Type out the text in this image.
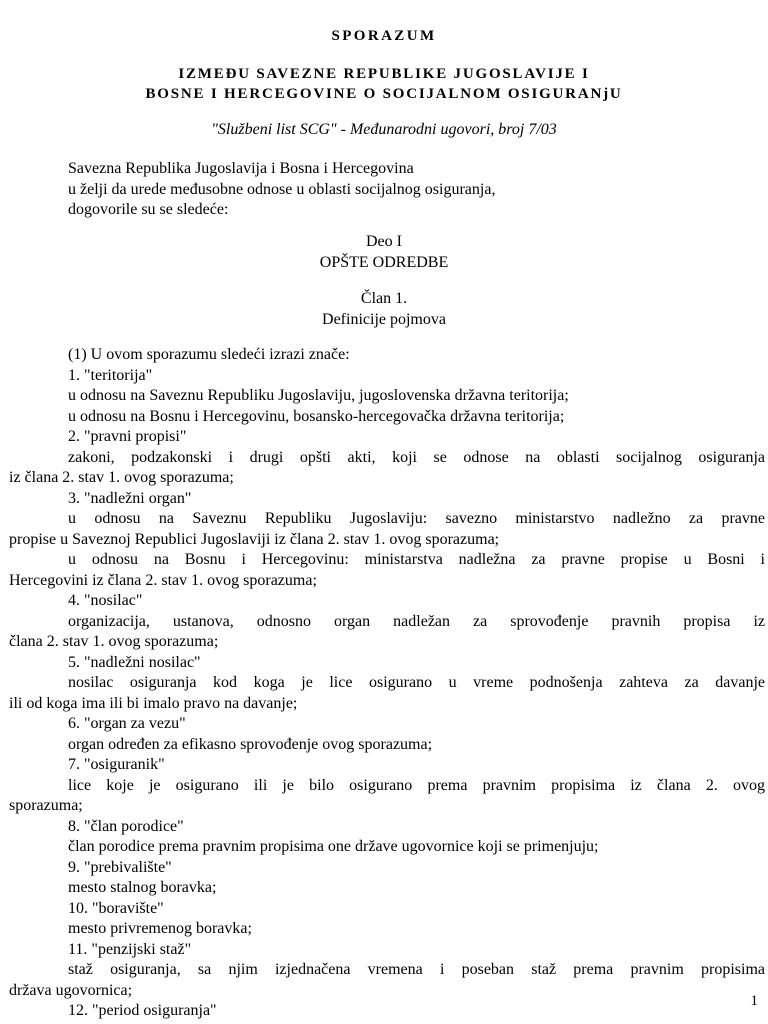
SPORAZUM
IZMEĐU SAVEZNE REPUBLIKE JUGOSLAVIJE I
BOSNE I HERCEGOVINE O SOCIJALNOM OSIGURANjU
"Službeni list SCG" - Međunarodni ugovori, broj 7/03
Savezna Republika Jugoslavija i Bosna i Hercegovina
u želji da urede međusobne odnose u oblasti socijalnog osiguranja,
dogovorile su se sledeće:
Deo I
OPŠTE ODREDBE
Član 1.
Definicije pojmova
(1) U ovom sporazumu sledeći izrazi znače:
1. "teritorija"
u odnosu na Saveznu Republiku Jugoslaviju, jugoslovenska državna teritorija;
u odnosu na Bosnu i Hercegovinu, bosansko-hercegovačka državna teritorija;
2. "pravni propisi"
zakoni, podzakonski i drugi opšti akti, koji se odnose na oblasti socijalnog osiguranja
iz člana 2. stav 1. ovog sporazuma;
3. "nadležni organ"
u odnosu na Saveznu Republiku Jugoslaviju: savezno ministarstvo nadležno za pravne
propise u Saveznoj Republici Jugoslaviji iz člana 2. stav 1. ovog sporazuma;
u odnosu na Bosnu i Hercegovinu: ministarstva nadležna za pravne propise u Bosni i
Hercegovini iz člana 2. stav 1. ovog sporazuma;
4. "nosilac"
organizacija, ustanova, odnosno organ nadležan za sprovođenje pravnih propisa iz
člana 2. stav 1. ovog sporazuma;
5. "nadležni nosilac"
nosilac osiguranja kod koga je lice osigurano u vreme podnošenja zahteva za davanje
ili od koga ima ili bi imalo pravo na davanje;
6. "organ za vezu"
organ određen za efikasno sprovođenje ovog sporazuma;
7. "osiguranik"
lice koje je osigurano ili je bilo osigurano prema pravnim propisima iz člana 2. ovog
sporazuma;
8. "član porodice"
član porodice prema pravnim propisima one države ugovornice koji se primenjuju;
9. "prebivalište"
mesto stalnog boravka;
10. "boravište"
mesto privremenog boravka;
11. "penzijski staž"
staž osiguranja, sa njim izjednačena vremena i poseban staž prema pravnim propisima
država ugovornica;
12. "period osiguranja"
1
